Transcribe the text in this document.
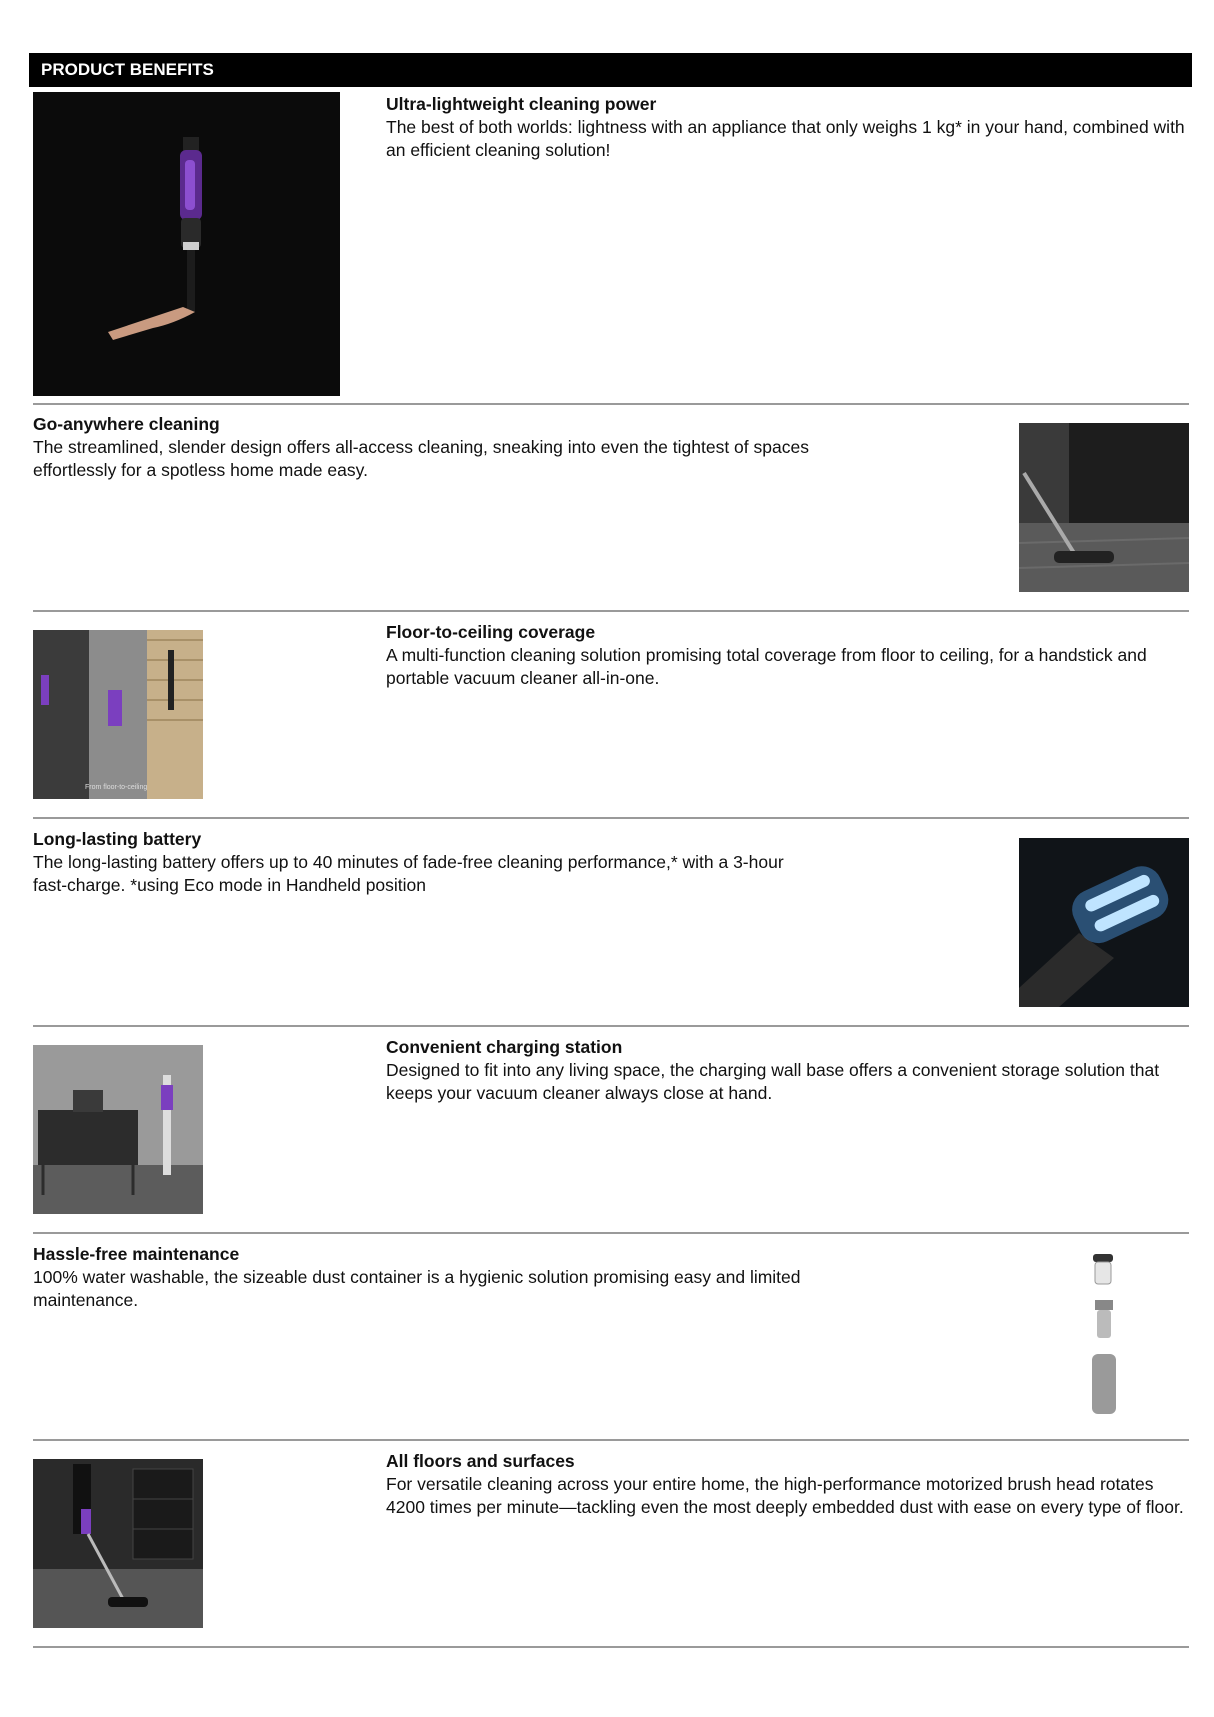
PRODUCT BENEFITS
Ultra-lightweight cleaning power
The best of both worlds: lightness with an appliance that only weighs 1 kg* in your hand, combined with an efficient cleaning solution!
Go-anywhere cleaning
The streamlined, slender design offers all-access cleaning, sneaking into even the tightest of spaces effortlessly for a spotless home made easy.
From floor-to-ceiling
Floor-to-ceiling coverage
A multi-function cleaning solution promising total coverage from floor to ceiling, for a handstick and portable vacuum cleaner all-in-one.
Long-lasting battery
The long-lasting battery offers up to 40 minutes of fade-free cleaning performance,* with a 3-hour fast-charge. *using Eco mode in Handheld position
Convenient charging station
Designed to fit into any living space, the charging wall base offers a convenient storage solution that keeps your vacuum cleaner always close at hand.
Hassle-free maintenance
100% water washable, the sizeable dust container is a hygienic solution promising easy and limited maintenance.
All floors and surfaces
For versatile cleaning across your entire home, the high-performance motorized brush head rotates 4200 times per minute—tackling even the most deeply embedded dust with ease on every type of floor.
